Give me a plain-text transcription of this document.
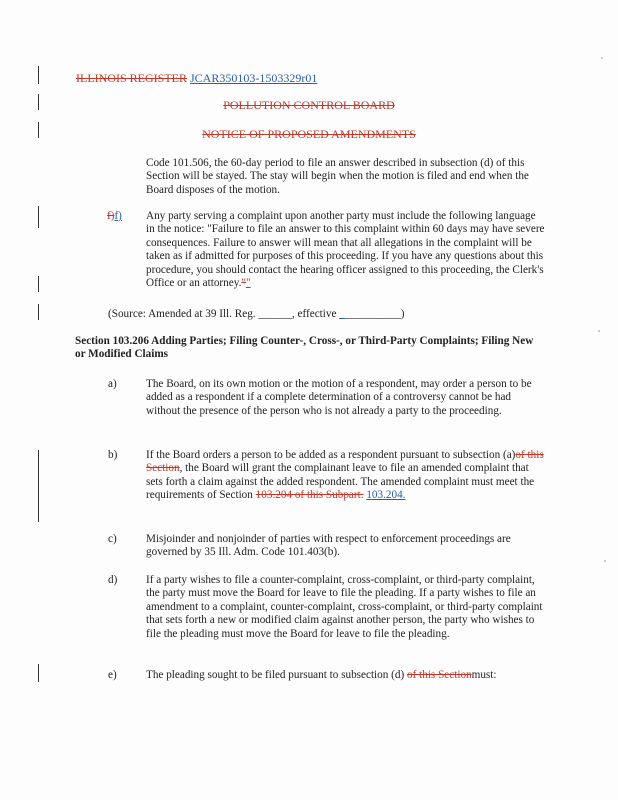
ILLINOIS REGISTER JCAR350103-1503329r01
POLLUTION CONTROL BOARD
NOTICE OF PROPOSED AMENDMENTS
Code 101.506, the 60-day period to file an answer described in subsection (d) of this Section will be stayed. The stay will begin when the motion is filed and end when the Board disposes of the motion.
f)f) Any party serving a complaint upon another party must include the following language in the notice: "Failure to file an answer to this complaint within 60 days may have severe consequences. Failure to answer will mean that all allegations in the complaint will be taken as if admitted for purposes of this proceeding. If you have any questions about this procedure, you should contact the hearing officer assigned to this proceeding, the Clerk's Office or an attorney.""
(Source: Amended at 39 Ill. Reg. ______, effective ___________)
Section 103.206 Adding Parties; Filing Counter-, Cross-, or Third-Party Complaints; Filing New or Modified Claims
a)	The Board, on its own motion or the motion of a respondent, may order a person to be added as a respondent if a complete determination of a controversy cannot be had without the presence of the person who is not already a party to the proceeding.
b)	If the Board orders a person to be added as a respondent pursuant to subsection (a)of this Section, the Board will grant the complainant leave to file an amended complaint that sets forth a claim against the added respondent. The amended complaint must meet the requirements of Section 103.204 of this Subpart. 103.204.
c)	Misjoinder and nonjoinder of parties with respect to enforcement proceedings are governed by 35 Ill. Adm. Code 101.403(b).
d)	If a party wishes to file a counter-complaint, cross-complaint, or third-party complaint, the party must move the Board for leave to file the pleading. If a party wishes to file an amendment to a complaint, counter-complaint, cross-complaint, or third-party complaint that sets forth a new or modified claim against another person, the party who wishes to file the pleading must move the Board for leave to file the pleading.
e)	The pleading sought to be filed pursuant to subsection (d) of this Sectionmust:
